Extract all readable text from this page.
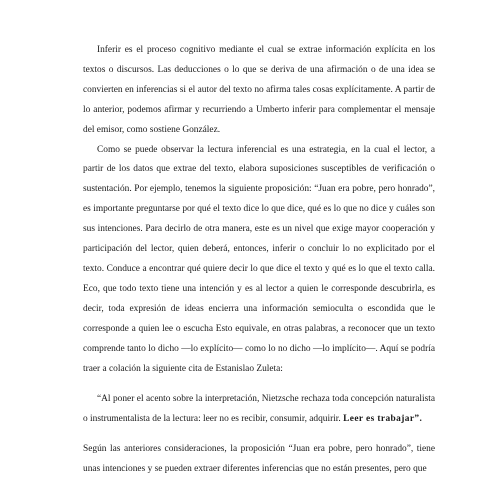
Inferir es el proceso cognitivo mediante el cual se extrae información explícita en los textos o discursos. Las deducciones o lo que se deriva de una afirmación o de una idea se convierten en inferencias si el autor del texto no afirma tales cosas explícitamente. A partir de lo anterior, podemos afirmar y recurriendo a Umberto inferir para complementar el mensaje del emisor, como sostiene González.

Como se puede observar la lectura inferencial es una estrategia, en la cual el lector, a partir de los datos que extrae del texto, elabora suposiciones susceptibles de verificación o sustentación. Por ejemplo, tenemos la siguiente proposición: “Juan era pobre, pero honrado”, es importante preguntarse por qué el texto dice lo que dice, qué es lo que no dice y cuáles son sus intenciones. Para decirlo de otra manera, este es un nivel que exige mayor cooperación y participación del lector, quien deberá, entonces, inferir o concluir lo no explicitado por el texto. Conduce a encontrar qué quiere decir lo que dice el texto y qué es lo que el texto calla. Eco, que todo texto tiene una intención y es al lector a quien le corresponde descubrirla, es decir, toda expresión de ideas encierra una información semioculta o escondida que le corresponde a quien lee o escucha Esto equivale, en otras palabras, a reconocer que un texto comprende tanto lo dicho —lo explícito— como lo no dicho —lo implícito—. Aquí se podría traer a colación la siguiente cita de Estanislao Zuleta:

“Al poner el acento sobre la interpretación, Nietzsche rechaza toda concepción naturalista o instrumentalista de la lectura: leer no es recibir, consumir, adquirir. Leer es trabajar”.

Según las anteriores consideraciones, la proposición “Juan era pobre, pero honrado”, tiene unas intenciones y se pueden extraer diferentes inferencias que no están presentes, pero que
